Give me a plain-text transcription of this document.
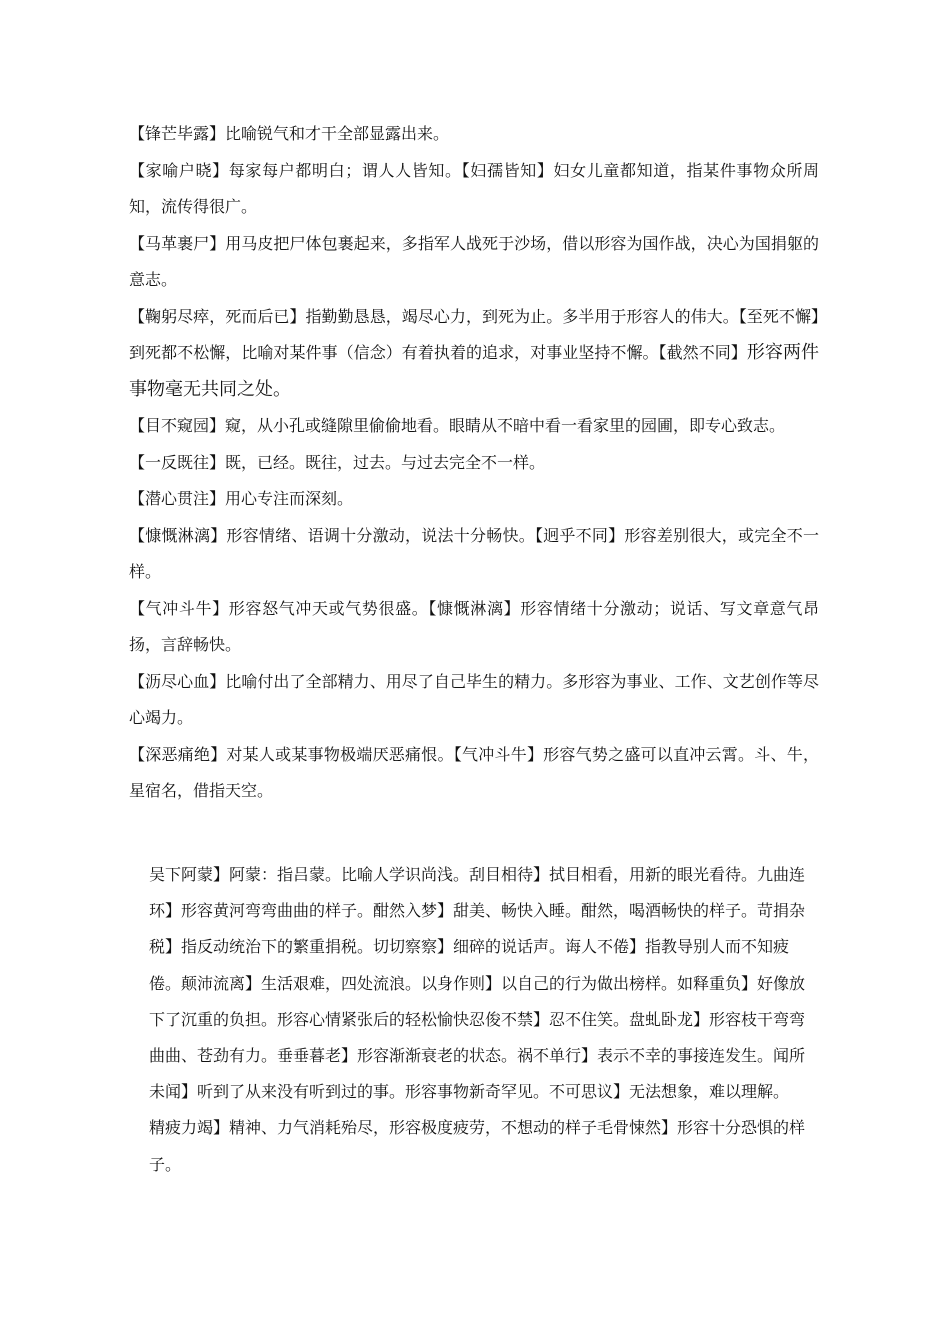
【锋芒毕露】比喻锐气和才干全部显露出来。

【家喻户晓】每家每户都明白；谓人人皆知。【妇孺皆知】妇女儿童都知道，指某件事物众所周知，流传得很广。

【马革裹尸】用马皮把尸体包裹起来，多指军人战死于沙场，借以形容为国作战，决心为国捐躯的意志。

【鞠躬尽瘁，死而后已】指勤勤恳恳，竭尽心力，到死为止。多半用于形容人的伟大。【至死不懈】到死都不松懈，比喻对某件事（信念）有着执着的追求，对事业坚持不懈。【截然不同】形容两件事物毫无共同之处。

【目不窥园】窥，从小孔或缝隙里偷偷地看。眼睛从不暗中看一看家里的园圃，即专心致志。

【一反既往】既，已经。既往，过去。与过去完全不一样。

【潜心贯注】用心专注而深刻。

【慷慨淋漓】形容情绪、语调十分激动，说法十分畅快。【迥乎不同】形容差别很大，或完全不一样。

【气冲斗牛】形容怒气冲天或气势很盛。【慷慨淋漓】形容情绪十分激动；说话、写文章意气昂扬，言辞畅快。

【沥尽心血】比喻付出了全部精力、用尽了自己毕生的精力。多形容为事业、工作、文艺创作等尽心竭力。

【深恶痛绝】对某人或某事物极端厌恶痛恨。【气冲斗牛】形容气势之盛可以直冲云霄。斗、牛，星宿名，借指天空。

吴下阿蒙】阿蒙：指吕蒙。比喻人学识尚浅。刮目相待】拭目相看，用新的眼光看待。九曲连环】形容黄河弯弯曲曲的样子。酣然入梦】甜美、畅快入睡。酣然，喝酒畅快的样子。苛捐杂税】指反动统治下的繁重捐税。切切察察】细碎的说话声。诲人不倦】指教导别人而不知疲倦。颠沛流离】生活艰难，四处流浪。以身作则】以自己的行为做出榜样。如释重负】好像放下了沉重的负担。形容心情紧张后的轻松愉快忍俊不禁】忍不住笑。盘虬卧龙】形容枝干弯弯曲曲、苍劲有力。垂垂暮老】形容渐渐衰老的状态。祸不单行】表示不幸的事接连发生。闻所未闻】听到了从来没有听到过的事。形容事物新奇罕见。不可思议】无法想象，难以理解。

精疲力竭】精神、力气消耗殆尽，形容极度疲劳，不想动的样子毛骨悚然】形容十分恐惧的样子。
